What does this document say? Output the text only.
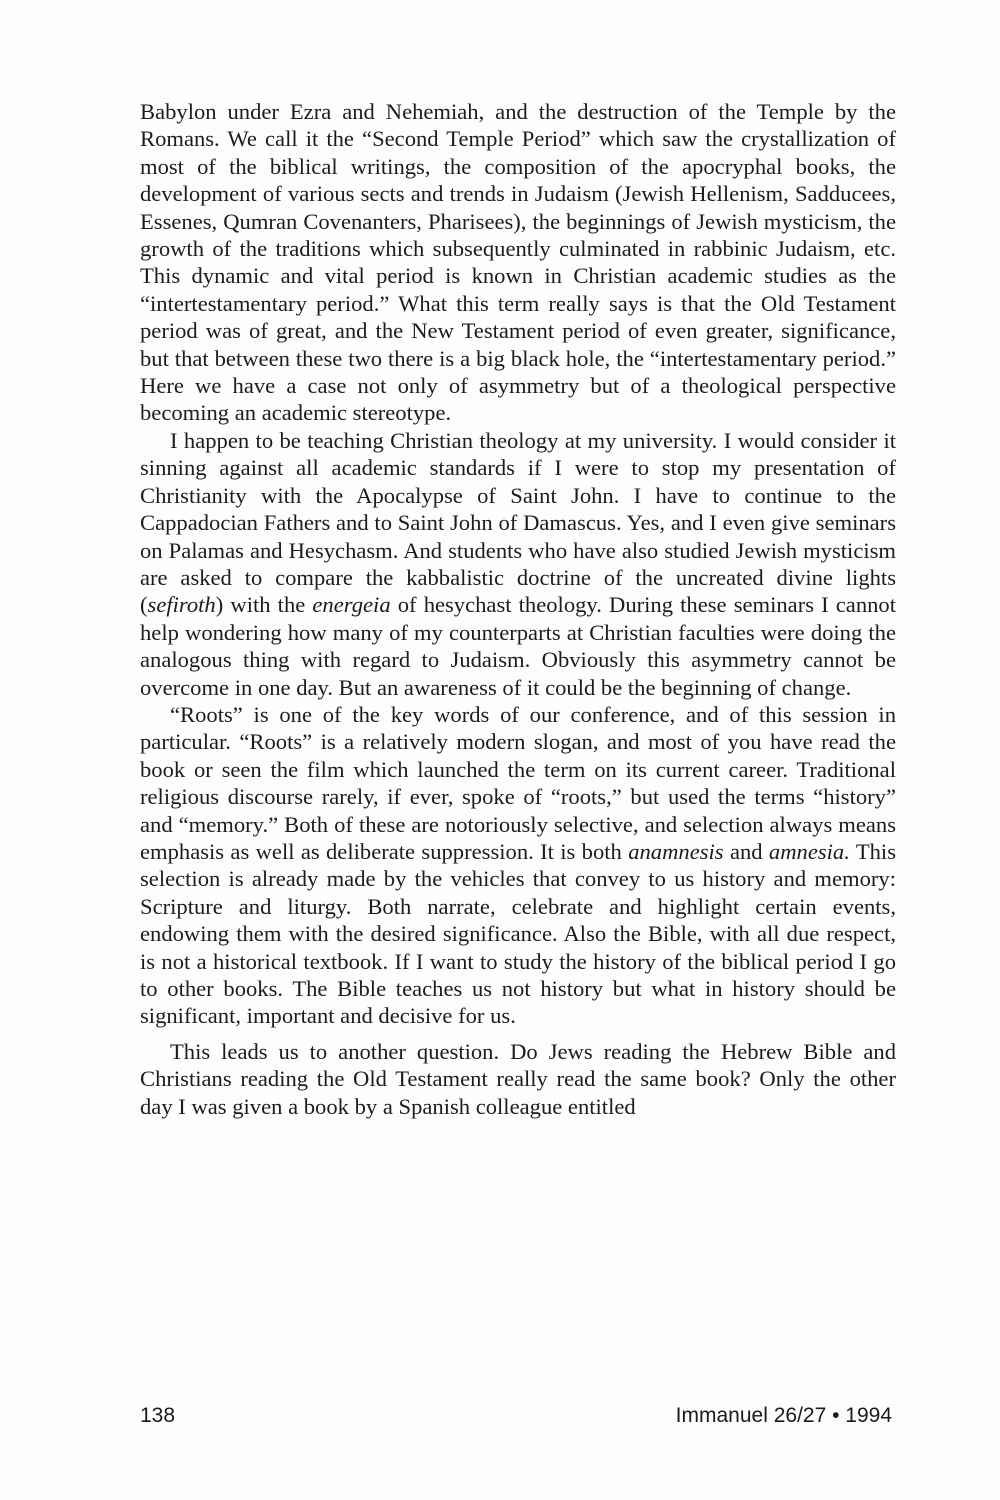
Babylon under Ezra and Nehemiah, and the destruction of the Temple by the Romans. We call it the “Second Temple Period” which saw the crystallization of most of the biblical writings, the composition of the apocryphal books, the development of various sects and trends in Judaism (Jewish Hellenism, Sadducees, Essenes, Qumran Covenanters, Pharisees), the beginnings of Jewish mysticism, the growth of the traditions which subsequently culminated in rabbinic Judaism, etc. This dynamic and vital period is known in Christian academic studies as the “intertestamentary period.” What this term really says is that the Old Testament period was of great, and the New Testament period of even greater, significance, but that between these two there is a big black hole, the “intertestamentary period.” Here we have a case not only of asymmetry but of a theological perspective becoming an academic stereotype.

I happen to be teaching Christian theology at my university. I would consider it sinning against all academic standards if I were to stop my presentation of Christianity with the Apocalypse of Saint John. I have to continue to the Cappadocian Fathers and to Saint John of Damascus. Yes, and I even give seminars on Palamas and Hesychasm. And students who have also studied Jewish mysticism are asked to compare the kabbalistic doctrine of the uncreated divine lights (sefiroth) with the energeia of hesychast theology. During these seminars I cannot help wondering how many of my counterparts at Christian faculties were doing the analogous thing with regard to Judaism. Obviously this asymmetry cannot be overcome in one day. But an awareness of it could be the beginning of change.

“Roots” is one of the key words of our conference, and of this session in particular. “Roots” is a relatively modern slogan, and most of you have read the book or seen the film which launched the term on its current career. Traditional religious discourse rarely, if ever, spoke of “roots,” but used the terms “history” and “memory.” Both of these are notoriously selective, and selection always means emphasis as well as deliberate suppression. It is both anamnesis and amnesia. This selection is already made by the vehicles that convey to us history and memory: Scripture and liturgy. Both narrate, celebrate and highlight certain events, endowing them with the desired significance. Also the Bible, with all due respect, is not a historical textbook. If I want to study the history of the biblical period I go to other books. The Bible teaches us not history but what in history should be significant, important and decisive for us.

This leads us to another question. Do Jews reading the Hebrew Bible and Christians reading the Old Testament really read the same book? Only the other day I was given a book by a Spanish colleague entitled

138	Immanuel 26/27 • 1994
